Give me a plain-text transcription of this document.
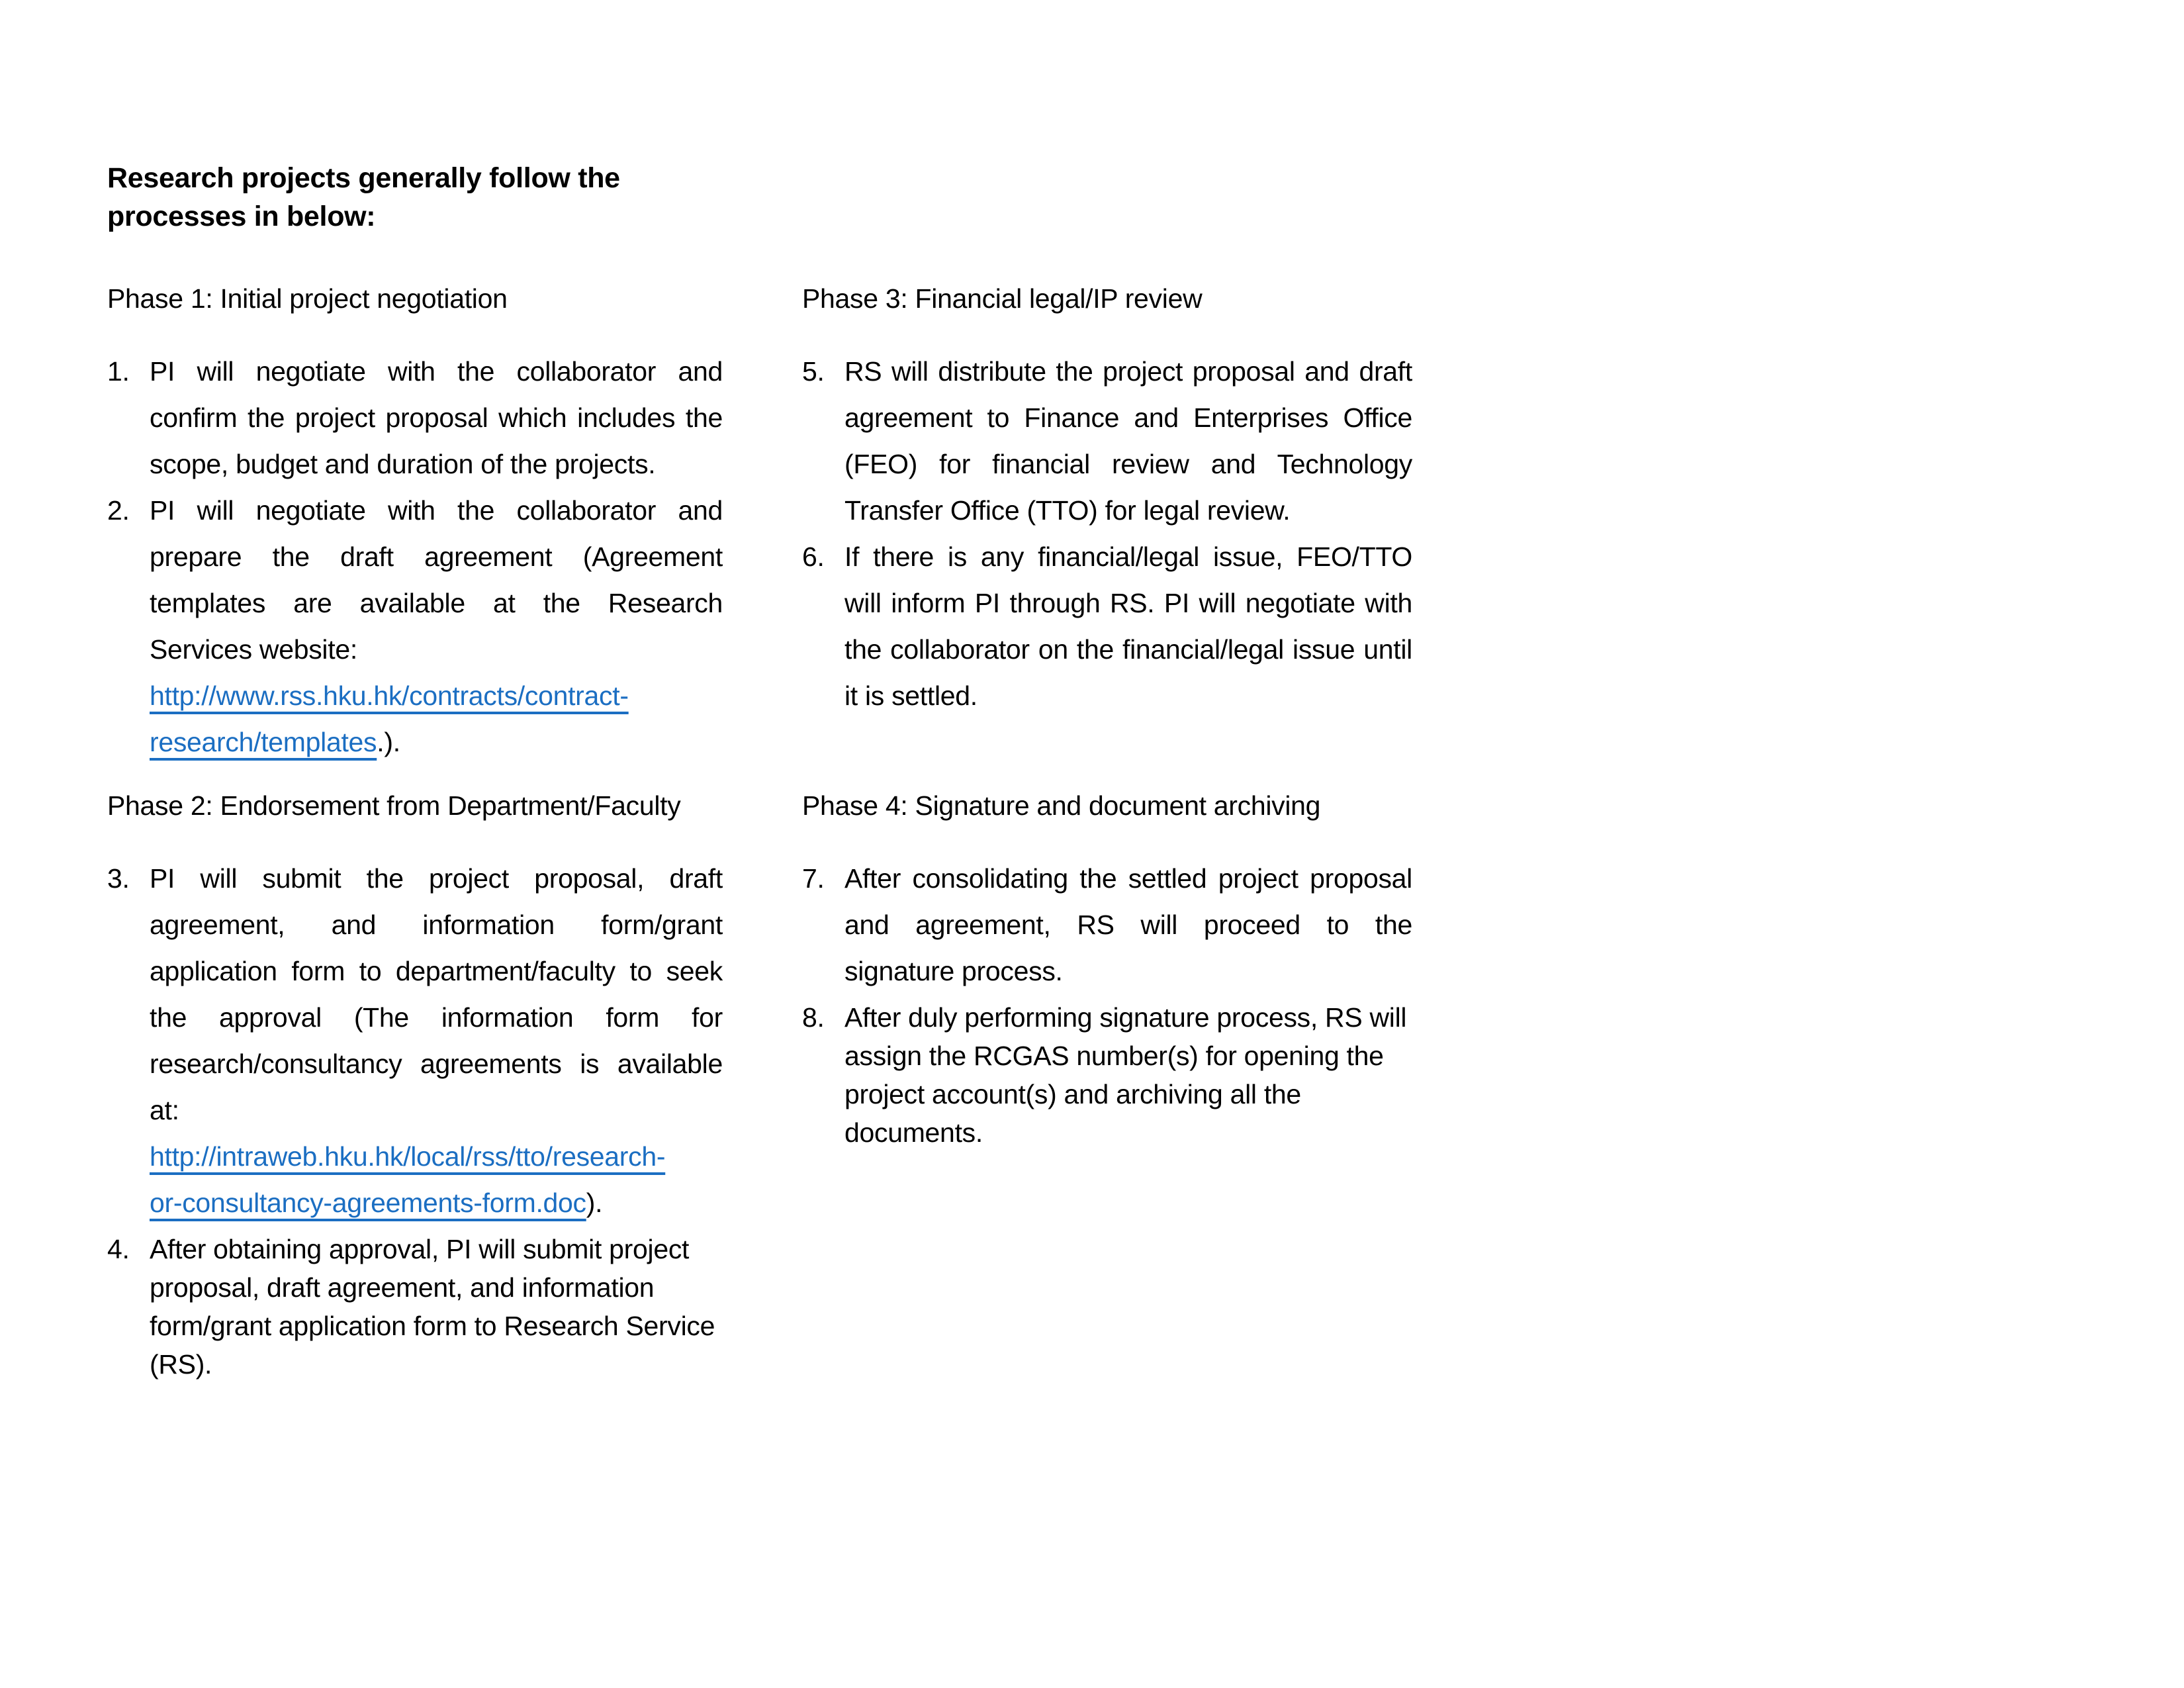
Research projects generally follow the
processes in below:
Phase 1: Initial project negotiation
1. PI will negotiate with the collaborator and confirm the project proposal which includes the scope, budget and duration of the projects.
2. PI will negotiate with the collaborator and prepare the draft agreement (Agreement templates are available at the Research Services website:
http://www.rss.hku.hk/contracts/contract-
research/templates.).
Phase 2: Endorsement from Department/Faculty
3. PI will submit the project proposal, draft agreement, and information form/grant application form to department/faculty to seek the approval (The information form for research/consultancy agreements is available at:
http://intraweb.hku.hk/local/rss/tto/research-
or-consultancy-agreements-form.doc).
4. After obtaining approval, PI will submit project proposal, draft agreement, and information form/grant application form to Research Service (RS).
Phase 3: Financial legal/IP review
5. RS will distribute the project proposal and draft agreement to Finance and Enterprises Office (FEO) for financial review and Technology Transfer Office (TTO) for legal review.
6. If there is any financial/legal issue, FEO/TTO will inform PI through RS. PI will negotiate with the collaborator on the financial/legal issue until it is settled.
Phase 4: Signature and document archiving
7. After consolidating the settled project proposal and agreement, RS will proceed to the signature process.
8. After duly performing signature process, RS will assign the RCGAS number(s) for opening the project account(s) and archiving all the documents.
